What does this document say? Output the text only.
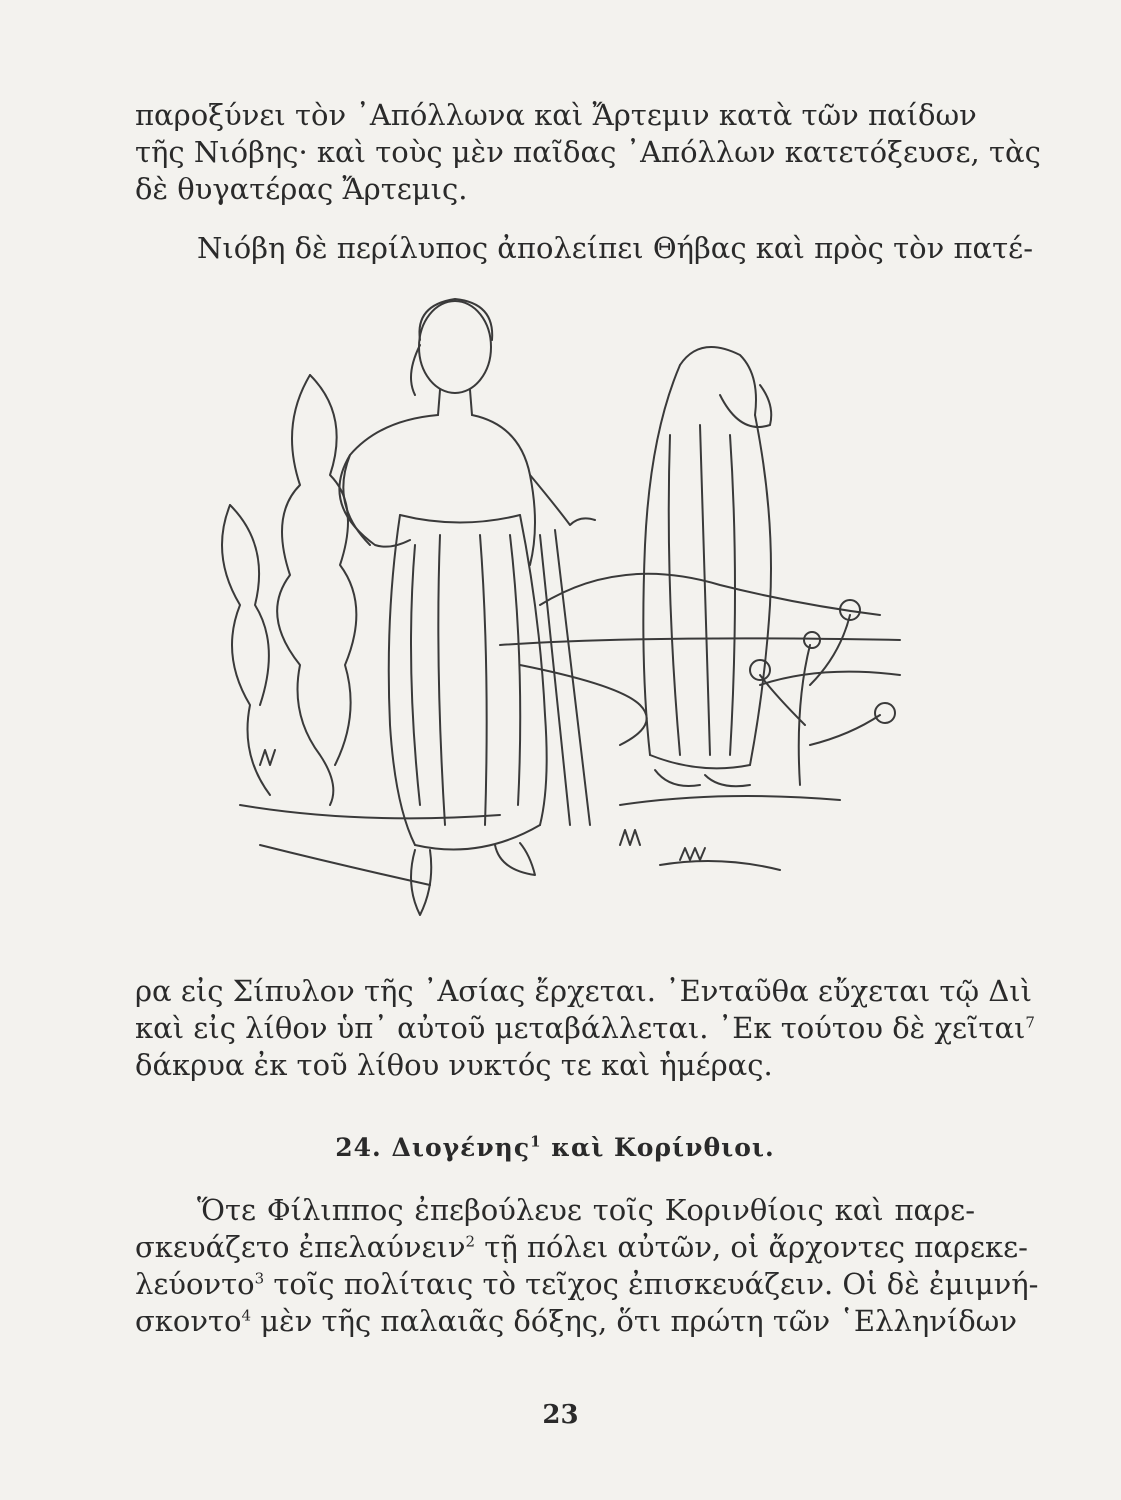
παροξύνει τὸν ᾿Απόλλωνα καὶ Ἄρτεμιν κατὰ τῶν παίδων
τῆς Νιόβης· καὶ τοὺς μὲν παῖδας ᾿Απόλλων κατετόξευσε, τὰς
δὲ θυγατέρας Ἄρτεμις.
Νιόβη δὲ περίλυπος ἀπολείπει Θήβας καὶ πρὸς τὸν πατέ-
ρα εἰς Σίπυλον τῆς ᾿Ασίας ἔρχεται. ᾿Ενταῦθα εὔχεται τῷ Διὶ
καὶ εἰς λίθον ὑπ᾿ αὐτοῦ μεταβάλλεται. ᾿Εκ τούτου δὲ χεῖται$^7$
δάκρυα ἐκ τοῦ λίθου νυκτός τε καὶ ἡμέρας.
24. Διογένης$^1$ καὶ Κορίνθιοι.
Ὅτε Φίλιππος ἐπεβούλευε τοῖς Κορινθίοις καὶ παρε-
σκευάζετο ἐπελαύνειν$^2$ τῇ πόλει αὐτῶν, οἱ ἄρχοντες παρεκε-
λεύοντο$^3$ τοῖς πολίταις τὸ τεῖχος ἐπισκευάζειν. Οἱ δὲ ἐμιμνή-
σκοντο$^4$ μὲν τῆς παλαιᾶς δόξης, ὅτι πρώτη τῶν ῾Ελληνίδων
23
